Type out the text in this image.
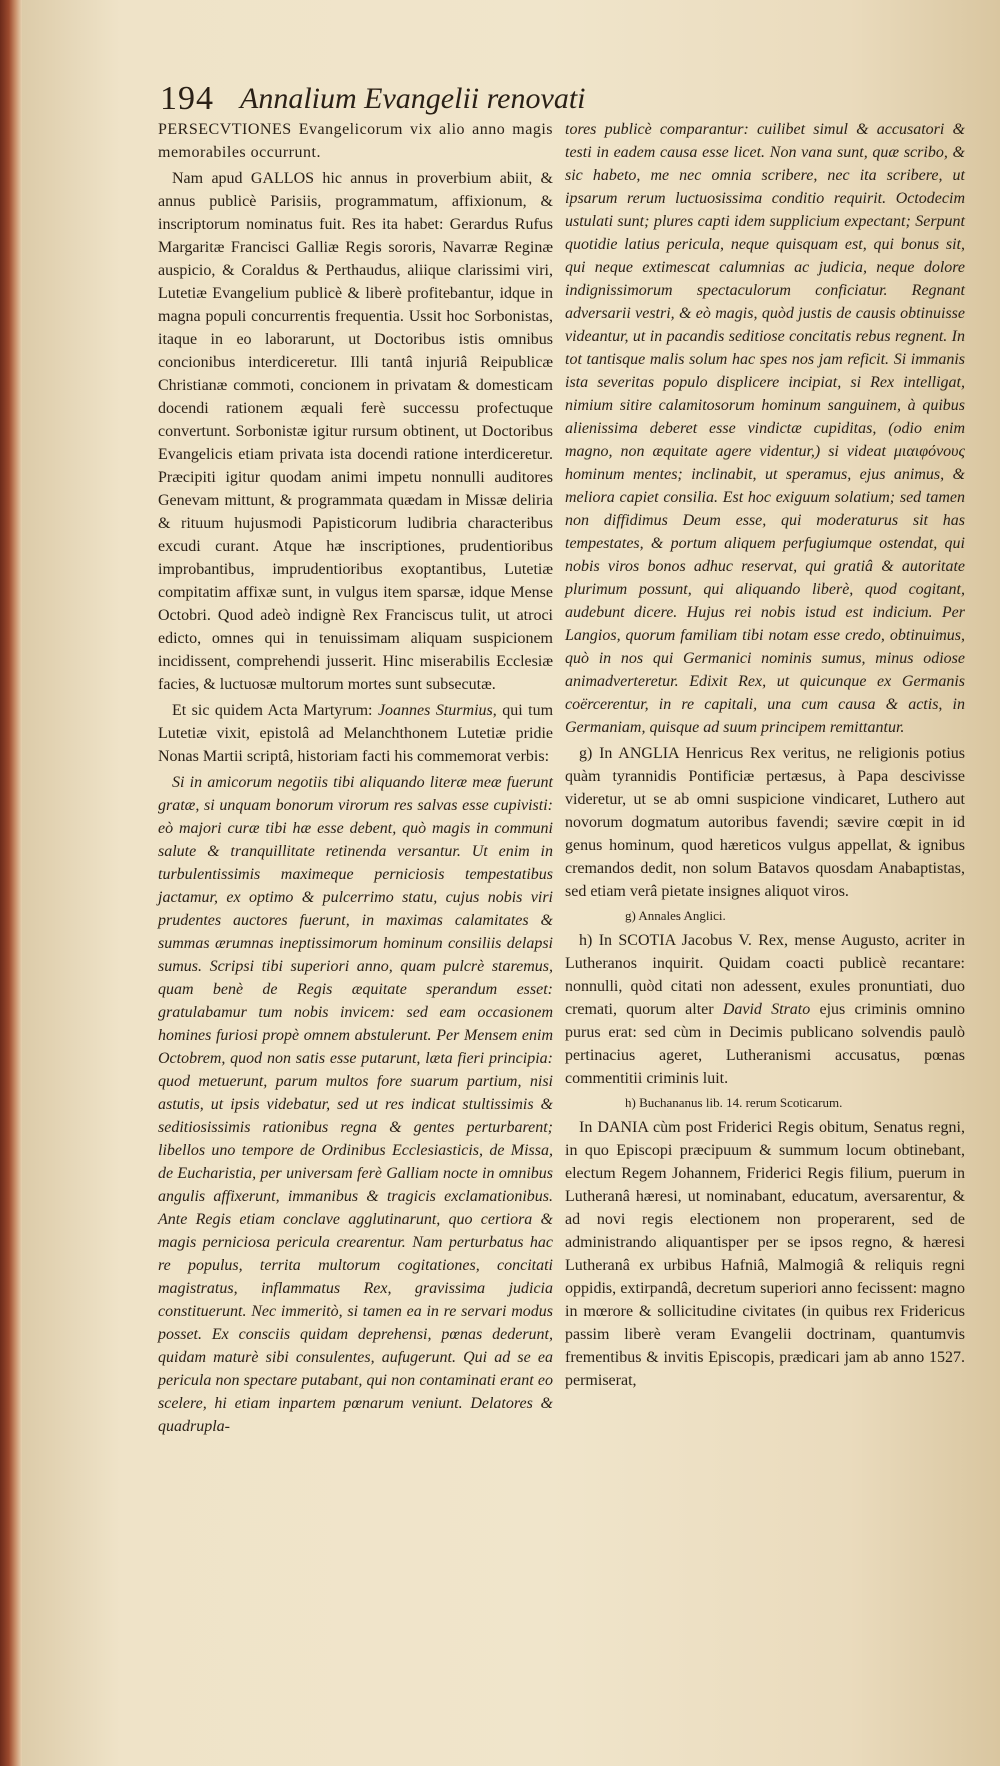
194 Annalium Evangelii renovati

PERSECVTIONES Evangelicorum vix alio anno magis memorabiles occurrunt.

Nam apud GALLOS hic annus in proverbium abiit, & annus publicè Parisiis, programmatum, affixionum, & inscriptorum nominatus fuit. Res ita habet: Gerardus Rufus Margaritæ Francisci Galliæ Regis sororis, Navarræ Reginæ auspicio, & Coraldus & Perthaudus, aliique clarissimi viri, Lutetiæ Evangelium publicè & liberè profitebantur, idque in magna populi concurrentis frequentia. Ussit hoc Sorbonistas, itaque in eo laborarunt, ut Doctoribus istis omnibus concionibus interdiceretur. Illi tantâ injuriâ Reipublicæ Christianæ commoti, concionem in privatam & domesticam docendi rationem æquali ferè successu profectuque convertunt. Sorbonistæ igitur rursum obtinent, ut Doctoribus Evangelicis etiam privata ista docendi ratione interdiceretur. Præcipiti igitur quodam animi impetu nonnulli auditores Genevam mittunt, & programmata quædam in Missæ deliria & rituum hujusmodi Papisticorum ludibria characteribus excudi curant. Atque hæ inscriptiones, prudentioribus improbantibus, imprudentioribus exoptantibus, Lutetiæ compitatim affixæ sunt, in vulgus item sparsæ, idque Mense Octobri. Quod adeò indignè Rex Franciscus tulit, ut atroci edicto, omnes qui in tenuissimam aliquam suspicionem incidissent, comprehendi jusserit. Hinc miserabilis Ecclesiæ facies, & luctuosæ multorum mortes sunt subsecutæ.

Et sic quidem Acta Martyrum: Joannes Sturmius, qui tum Lutetiæ vixit, epistolâ ad Melanchthonem Lutetiæ pridie Nonas Martii scriptâ, historiam facti his commemorat verbis:

Si in amicorum negotiis tibi aliquando literæ meæ fuerunt gratæ, si unquam bonorum virorum res salvas esse cupivisti: eò majori curæ tibi hæ esse debent, quò magis in communi salute & tranquillitate retinenda versantur. Ut enim in turbulentissimis maximeque perniciosis tempestatibus jactamur, ex optimo & pulcerrimo statu, cujus nobis viri prudentes auctores fuerunt, in maximas calamitates & summas ærumnas ineptissimorum hominum consiliis delapsi sumus. Scripsi tibi superiori anno, quam pulcrè staremus, quam benè de Regis æquitate sperandum esset: gratulabamur tum nobis invicem: sed eam occasionem homines furiosi propè omnem abstulerunt. Per Mensem enim Octobrem, quod non satis esse putarunt, læta fieri principia: quod metuerunt, parum multos fore suarum partium, nisi astutis, ut ipsis videbatur, sed ut res indicat stultissimis & seditiosissimis rationibus regna & gentes perturbarent; libellos uno tempore de Ordinibus Ecclesiasticis, de Missa, de Eucharistia, per universam ferè Galliam nocte in omnibus angulis affixerunt, immanibus & tragicis exclamationibus. Ante Regis etiam conclave agglutinarunt, quo certiora & magis perniciosa pericula crearentur. Nam perturbatus hac re populus, territa multorum cogitationes, concitati magistratus, inflammatus Rex, gravissima judicia constituerunt. Nec immeritò, si tamen ea in re servari modus posset. Ex consciis quidam deprehensi, pœnas dederunt, quidam maturè sibi consulentes, aufugerunt. Qui ad se ea pericula non spectare putabant, qui non contaminati erant eo scelere, hi etiam inpartem pœnarum veniunt. Delatores & quadrupla-

tores publicè comparantur: cuilibet simul & accusatori & testi in eadem causa esse licet. Non vana sunt, quæ scribo, & sic habeto, me nec omnia scribere, nec ita scribere, ut ipsarum rerum luctuosissima conditio requirit. Octodecim ustulati sunt; plures capti idem supplicium expectant; Serpunt quotidie latius pericula, neque quisquam est, qui bonus sit, qui neque extimescat calumnias ac judicia, neque dolore indignissimorum spectaculorum conficiatur. Regnant adversarii vestri, & eò magis, quòd justis de causis obtinuisse videantur, ut in pacandis seditiose concitatis rebus regnent. In tot tantisque malis solum hac spes nos jam reficit. Si immanis ista severitas populo displicere incipiat, si Rex intelligat, nimium sitire calamitosorum hominum sanguinem, à quibus alienissima deberet esse vindictæ cupiditas, (odio enim magno, non æquitate agere videntur,) si videat μιαιφόνους hominum mentes; inclinabit, ut speramus, ejus animus, & meliora capiet consilia. Est hoc exiguum solatium; sed tamen non diffidimus Deum esse, qui moderaturus sit has tempestates, & portum aliquem perfugiumque ostendat, qui nobis viros bonos adhuc reservat, qui gratiâ & autoritate plurimum possunt, qui aliquando liberè, quod cogitant, audebunt dicere. Hujus rei nobis istud est indicium. Per Langios, quorum familiam tibi notam esse credo, obtinuimus, quò in nos qui Germanici nominis sumus, minus odiose animadverteretur. Edixit Rex, ut quicunque ex Germanis coërcerentur, in re capitali, una cum causa & actis, in Germaniam, quisque ad suum principem remittantur.

g) In ANGLIA Henricus Rex veritus, ne religionis potius quàm tyrannidis Pontificiæ pertæsus, à Papa descivisse videretur, ut se ab omni suspicione vindicaret, Luthero aut novorum dogmatum autoribus favendi; sævire cœpit in id genus hominum, quod hæreticos vulgus appellat, & ignibus cremandos dedit, non solum Batavos quosdam Anabaptistas, sed etiam verâ pietate insignes aliquot viros.

g) Annales Anglici.

h) In SCOTIA Jacobus V. Rex, mense Augusto, acriter in Lutheranos inquirit. Quidam coacti publicè recantare: nonnulli, quòd citati non adessent, exules pronuntiati, duo cremati, quorum alter David Strato ejus criminis omnino purus erat: sed cùm in Decimis publicano solvendis paulò pertinacius ageret, Lutheranismi accusatus, pœnas commentitii criminis luit.

h) Buchananus lib. 14. rerum Scoticarum.

In DANIA cùm post Friderici Regis obitum, Senatus regni, in quo Episcopi præcipuum & summum locum obtinebant, electum Regem Johannem, Friderici Regis filium, puerum in Lutheranâ hæresi, ut nominabant, educatum, aversarentur, & ad novi regis electionem non properarent, sed de administrando aliquantisper per se ipsos regno, & hæresi Lutheranâ ex urbibus Hafniâ, Malmogiâ & reliquis regni oppidis, extirpandâ, decretum superiori anno fecissent: magno in mœrore & sollicitudine civitates (in quibus rex Fridericus passim liberè veram Evangelii doctrinam, quantumvis frementibus & invitis Episcopis, prædicari jam ab anno 1527. permiserat,
